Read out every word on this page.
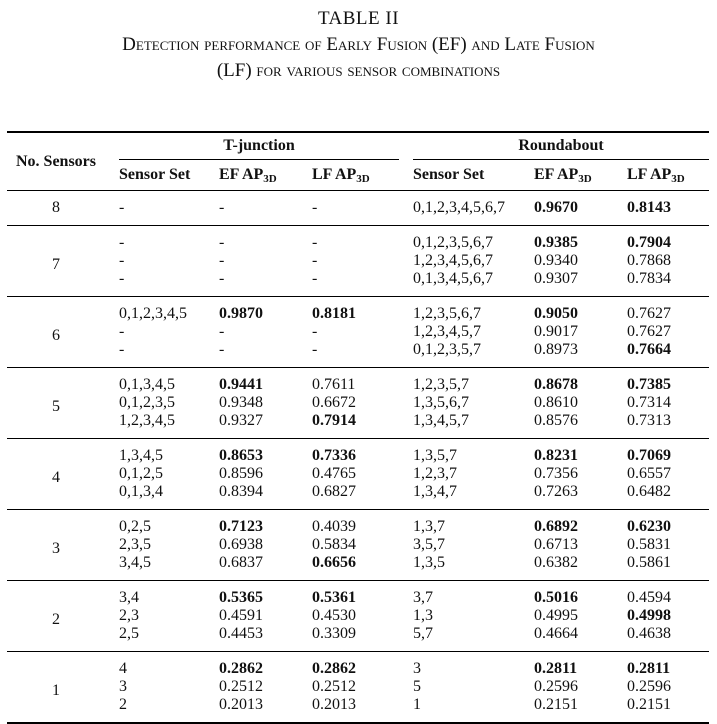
TABLE II
Detection performance of Early Fusion (EF) and Late Fusion
(LF) for various sensor combinations

No. Sensors		T-junction				Roundabout		
		Sensor Set	EF $AP_{3D}$	LF $AP_{3D}$		Sensor Set	EF $AP_{3D}$	LF $AP_{3D}$
8		-	-	-		0,1,2,3,4,5,6,7	0.9670	0.8143
7		-	-	-		0,1,2,3,5,6,7	0.9385	0.7904
		-	-	-		1,2,3,4,5,6,7	0.9340	0.7868
		-	-	-		0,1,3,4,5,6,7	0.9307	0.7834
6		0,1,2,3,4,5	0.9870	0.8181		1,2,3,5,6,7	0.9050	0.7627
		-	-	-		1,2,3,4,5,7	0.9017	0.7627
		-	-	-		0,1,2,3,5,7	0.8973	0.7664
5		0,1,3,4,5	0.9441	0.7611		1,2,3,5,7	0.8678	0.7385
		0,1,2,3,5	0.9348	0.6672		1,3,5,6,7	0.8610	0.7314
		1,2,3,4,5	0.9327	0.7914		1,3,4,5,7	0.8576	0.7313
4		1,3,4,5	0.8653	0.7336		1,3,5,7	0.8231	0.7069
		0,1,2,5	0.8596	0.4765		1,2,3,7	0.7356	0.6557
		0,1,3,4	0.8394	0.6827		1,3,4,7	0.7263	0.6482
3		0,2,5	0.7123	0.4039		1,3,7	0.6892	0.6230
		2,3,5	0.6938	0.5834		3,5,7	0.6713	0.5831
		3,4,5	0.6837	0.6656		1,3,5	0.6382	0.5861
2		3,4	0.5365	0.5361		3,7	0.5016	0.4594
		2,3	0.4591	0.4530		1,3	0.4995	0.4998
		2,5	0.4453	0.3309		5,7	0.4664	0.4638
1		4	0.2862	0.2862		3	0.2811	0.2811
		3	0.2512	0.2512		5	0.2596	0.2596
		2	0.2013	0.2013		1	0.2151	0.2151
